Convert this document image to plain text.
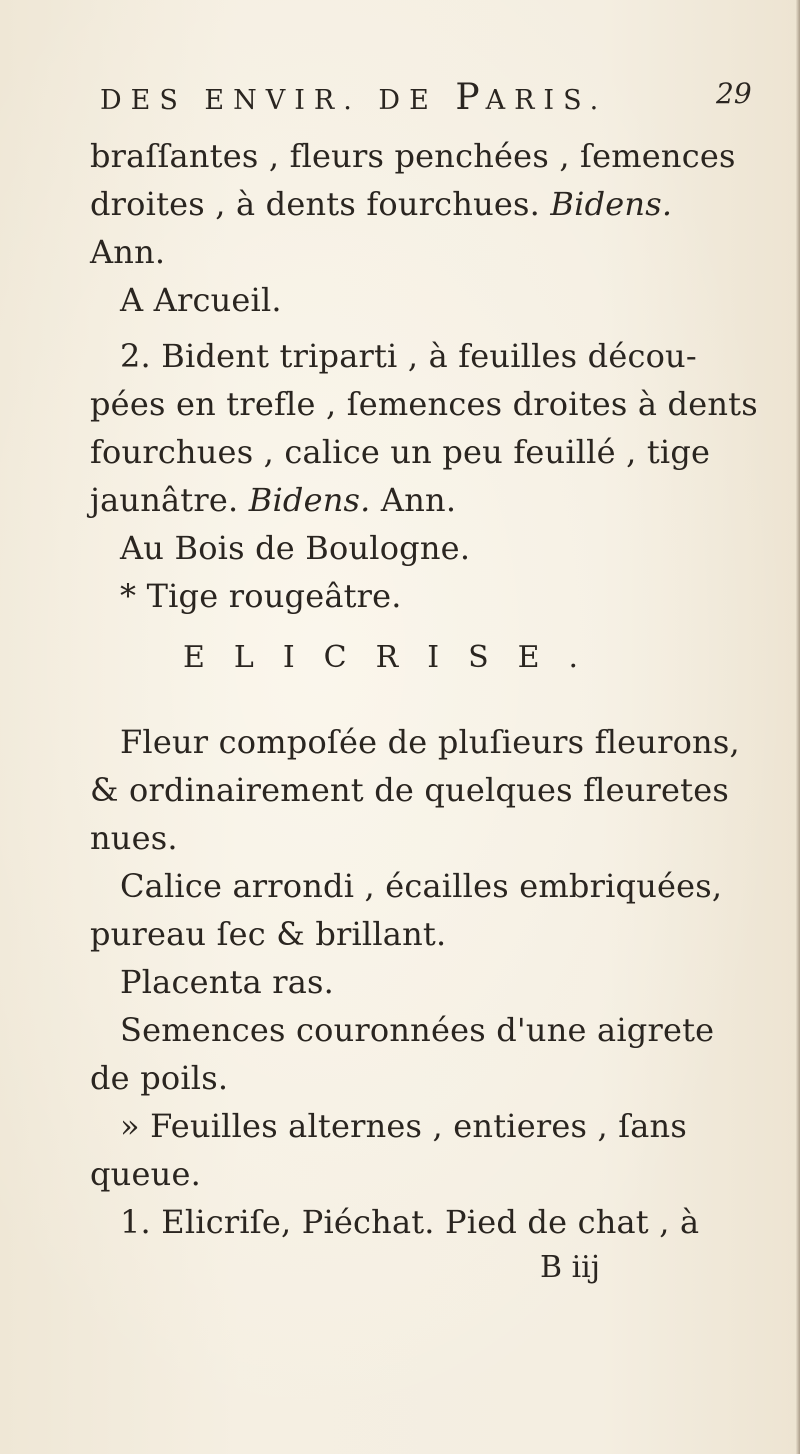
DES ENVIR. DE PARIS.	29
braſſantes , fleurs penchées , ſemences
droites , à dents fourchues. Bidens.
Ann.
A Arcueil.
2. Bident triparti , à feuilles décou-
pées en trefle , ſemences droites à dents
fourchues , calice un peu feuillé , tige
jaunâtre. Bidens. Ann.
Au Bois de Boulogne.
* Tige rougeâtre.
ELICRISE.
Fleur compoſée de pluſieurs fleurons,
& ordinairement de quelques fleuretes
nues.
Calice arrondi , écailles embriquées,
pureau ſec & brillant.
Placenta ras.
Semences couronnées d'une aigrete
de poils.
» Feuilles alternes , entieres , ſans
queue.
1. Elicriſe, Piéchat. Pied de chat , à
B iij
